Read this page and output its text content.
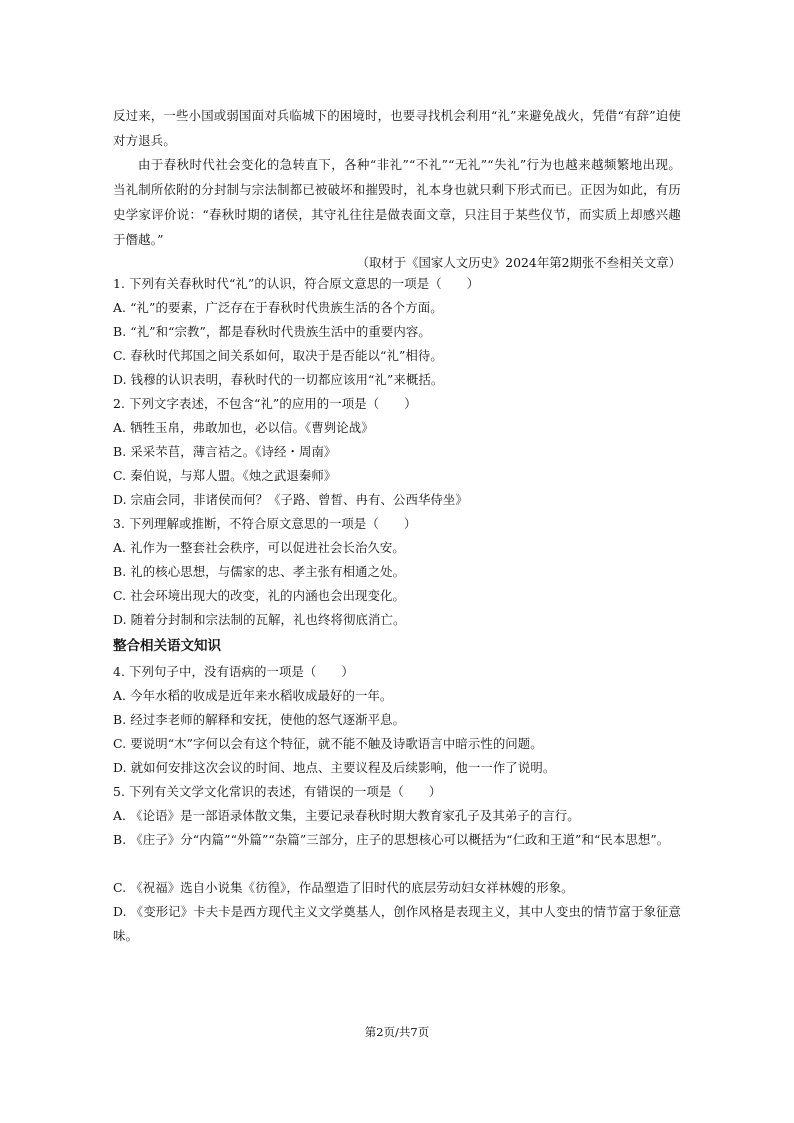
反过来，一些小国或弱国面对兵临城下的困境时，也要寻找机会利用“礼”来避免战火，凭借“有辞”迫使对方退兵。

由于春秋时代社会变化的急转直下，各种“非礼”“不礼”“无礼”“失礼”行为也越来越频繁地出现。当礼制所依附的分封制与宗法制都已被破坏和摧毁时，礼本身也就只剩下形式而已。正因为如此，有历史学家评价说：“春秋时期的诸侯，其守礼往往是做表面文章，只注目于某些仪节，而实质上却感兴趣于僭越。”

（取材于《国家人文历史》2024年第2期张不叁相关文章）
1. 下列有关春秋时代“礼”的认识，符合原文意思的一项是（　　）
A. “礼”的要素，广泛存在于春秋时代贵族生活的各个方面。
B. “礼”和“宗教”，都是春秋时代贵族生活中的重要内容。
C. 春秋时代邦国之间关系如何，取决于是否能以“礼”相待。
D. 钱穆的认识表明，春秋时代的一切都应该用“礼”来概括。
2. 下列文字表述，不包含“礼”的应用的一项是（　　）
A. 牺牲玉帛，弗敢加也，必以信。《曹刿论战》
B. 采采芣苢，薄言袺之。《诗经・周南》
C. 秦伯说，与郑人盟。《烛之武退秦师》
D. 宗庙会同，非诸侯而何？《子路、曾皙、冉有、公西华侍坐》
3. 下列理解或推断，不符合原文意思的一项是（　　）
A. 礼作为一整套社会秩序，可以促进社会长治久安。
B. 礼的核心思想，与儒家的忠、孝主张有相通之处。
C. 社会环境出现大的改变，礼的内涵也会出现变化。
D. 随着分封制和宗法制的瓦解，礼也终将彻底消亡。
整合相关语文知识
4. 下列句子中，没有语病的一项是（　　）
A. 今年水稻的收成是近年来水稻收成最好的一年。
B. 经过李老师的解释和安抚，使他的怒气逐渐平息。
C. 要说明“木”字何以会有这个特征，就不能不触及诗歌语言中暗示性的问题。
D. 就如何安排这次会议的时间、地点、主要议程及后续影响，他一一作了说明。
5. 下列有关文学文化常识的表述，有错误的一项是（　　）
A. 《论语》是一部语录体散文集，主要记录春秋时期大教育家孔子及其弟子的言行。

B. 《庄子》分“内篇”“外篇”“杂篇”三部分，庄子的思想核心可以概括为“仁政和王道”和“民本思想”。

C. 《祝福》选自小说集《彷徨》，作品塑造了旧时代的底层劳动妇女祥林嫂的形象。

D. 《变形记》卡夫卡是西方现代主义文学奠基人，创作风格是表现主义，其中人变虫的情节富于象征意味。

第2页/共7页
